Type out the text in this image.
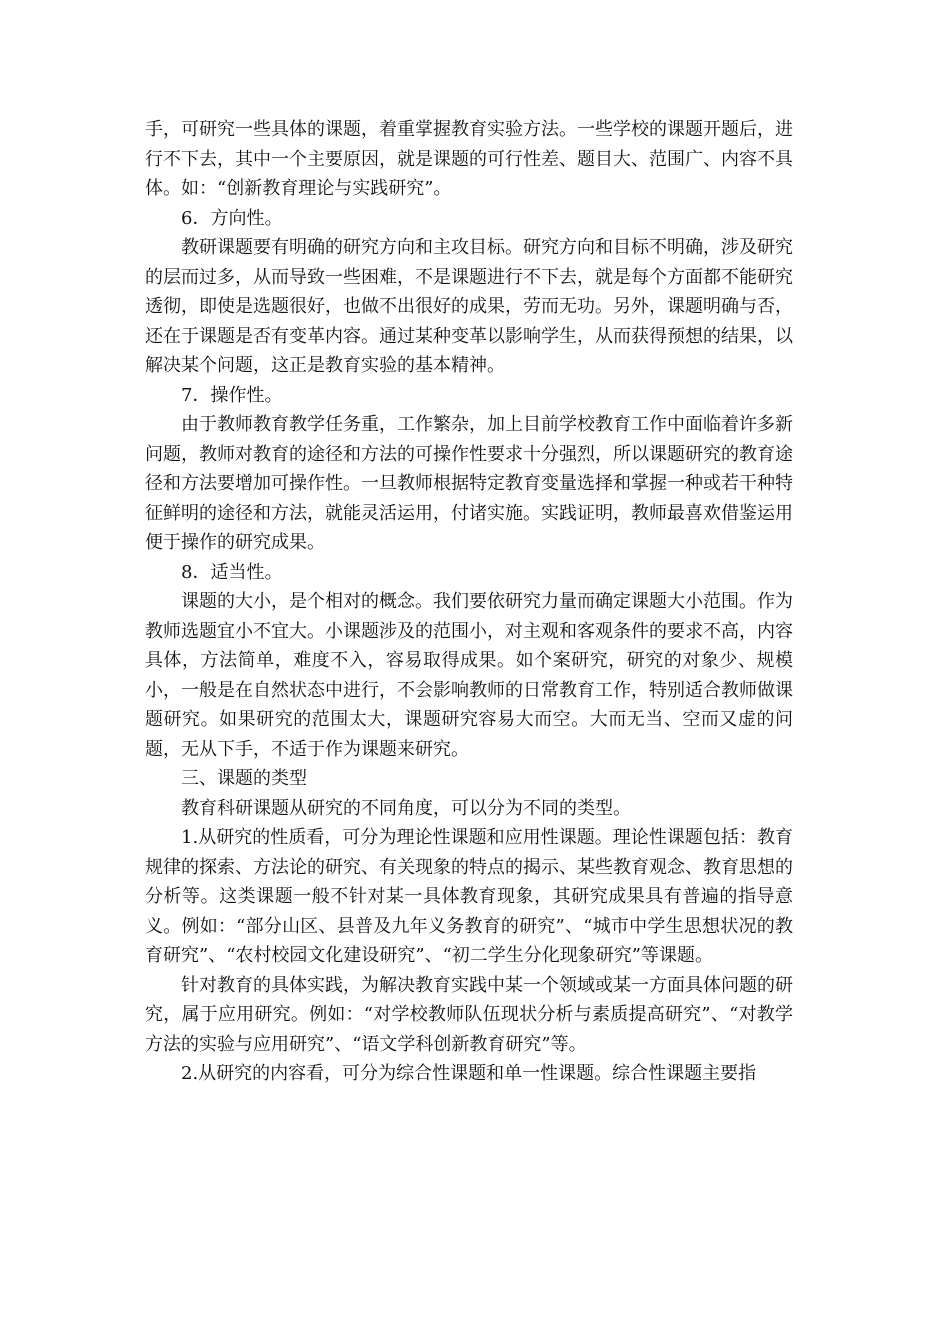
手，可研究一些具体的课题，着重掌握教育实验方法。一些学校的课题开题后，进行不下去，其中一个主要原因，就是课题的可行性差、题目大、范围广、内容不具体。如：“创新教育理论与实践研究”。

6．方向性。

教研课题要有明确的研究方向和主攻目标。研究方向和目标不明确，涉及研究的层而过多，从而导致一些困难，不是课题进行不下去，就是每个方面都不能研究透彻，即使是选题很好，也做不出很好的成果，劳而无功。另外，课题明确与否，还在于课题是否有变革内容。通过某种变革以影响学生，从而获得预想的结果，以解决某个问题，这正是教育实验的基本精神。

7．操作性。

由于教师教育教学任务重，工作繁杂，加上目前学校教育工作中面临着许多新问题，教师对教育的途径和方法的可操作性要求十分强烈，所以课题研究的教育途径和方法要增加可操作性。一旦教师根据特定教育变量选择和掌握一种或若干种特征鲜明的途径和方法，就能灵活运用，付诸实施。实践证明，教师最喜欢借鉴运用便于操作的研究成果。

8．适当性。

课题的大小，是个相对的概念。我们要依研究力量而确定课题大小范围。作为教师选题宜小不宜大。小课题涉及的范围小，对主观和客观条件的要求不高，内容具体，方法简单，难度不入，容易取得成果。如个案研究，研究的对象少、规模小，一般是在自然状态中进行，不会影响教师的日常教育工作，特别适合教师做课题研究。如果研究的范围太大，课题研究容易大而空。大而无当、空而又虚的问题，无从下手，不适于作为课题来研究。

三、课题的类型

教育科研课题从研究的不同角度，可以分为不同的类型。

1.从研究的性质看，可分为理论性课题和应用性课题。理论性课题包括：教育规律的探索、方法论的研究、有关现象的特点的揭示、某些教育观念、教育思想的分析等。这类课题一般不针对某一具体教育现象，其研究成果具有普遍的指导意义。例如：“部分山区、县普及九年义务教育的研究”、“城市中学生思想状况的教育研究”、“农村校园文化建设研究”、“初二学生分化现象研究”等课题。

针对教育的具体实践，为解决教育实践中某一个领域或某一方面具体问题的研究，属于应用研究。例如：“对学校教师队伍现状分析与素质提高研究”、“对教学方法的实验与应用研究”、“语文学科创新教育研究”等。

2.从研究的内容看，可分为综合性课题和单一性课题。综合性课题主要指
